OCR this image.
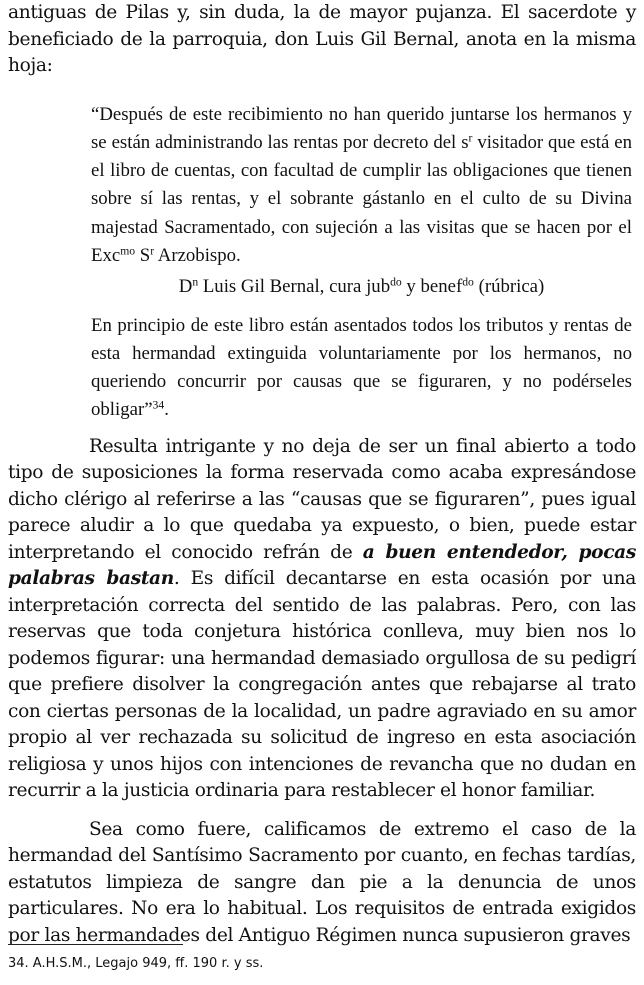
antiguas de Pilas y, sin duda, la de mayor pujanza. El sacerdote y beneficiado de la parroquia, don Luis Gil Bernal, anota en la misma hoja:

“Después de este recibimiento no han querido juntarse los hermanos y se están administrando las rentas por decreto del $s^r$ visitador que está en el libro de cuentas, con facultad de cumplir las obligaciones que tienen sobre sí las rentas, y el sobrante gástanlo en el culto de su Divina majestad Sacramentado, con sujeción a las visitas que se hacen por el Exc$^{mo}$ $S^r$ Arzobispo.

$D^n$ Luis Gil Bernal, cura jub$^{do}$ y benef$^{do}$ (rúbrica)

En principio de este libro están asentados todos los tributos y rentas de esta hermandad extinguida voluntariamente por los hermanos, no queriendo concurrir por causas que se figuraren, y no podérseles obligar”$^{34}$.

Resulta intrigante y no deja de ser un final abierto a todo tipo de suposiciones la forma reservada como acaba expresándose dicho clérigo al referirse a las “causas que se figuraren”, pues igual parece aludir a lo que quedaba ya expuesto, o bien, puede estar interpretando el conocido refrán de a buen entendedor, pocas palabras bastan. Es difícil decantarse en esta ocasión por una interpretación correcta del sentido de las palabras. Pero, con las reservas que toda conjetura histórica conlleva, muy bien nos lo podemos figurar: una hermandad demasiado orgullosa de su pedigrí que prefiere disolver la congregación antes que rebajarse al trato con ciertas personas de la localidad, un padre agraviado en su amor propio al ver rechazada su solicitud de ingreso en esta asociación religiosa y unos hijos con intenciones de revancha que no dudan en recurrir a la justicia ordinaria para restablecer el honor familiar.

Sea como fuere, calificamos de extremo el caso de la hermandad del Santísimo Sacramento por cuanto, en fechas tardías, estatutos limpieza de sangre dan pie a la denuncia de unos particulares. No era lo habitual. Los requisitos de entrada exigidos por las hermandades del Antiguo Régimen nunca supusieron graves

34. A.H.S.M., Legajo 949, ff. 190 r. y ss.
